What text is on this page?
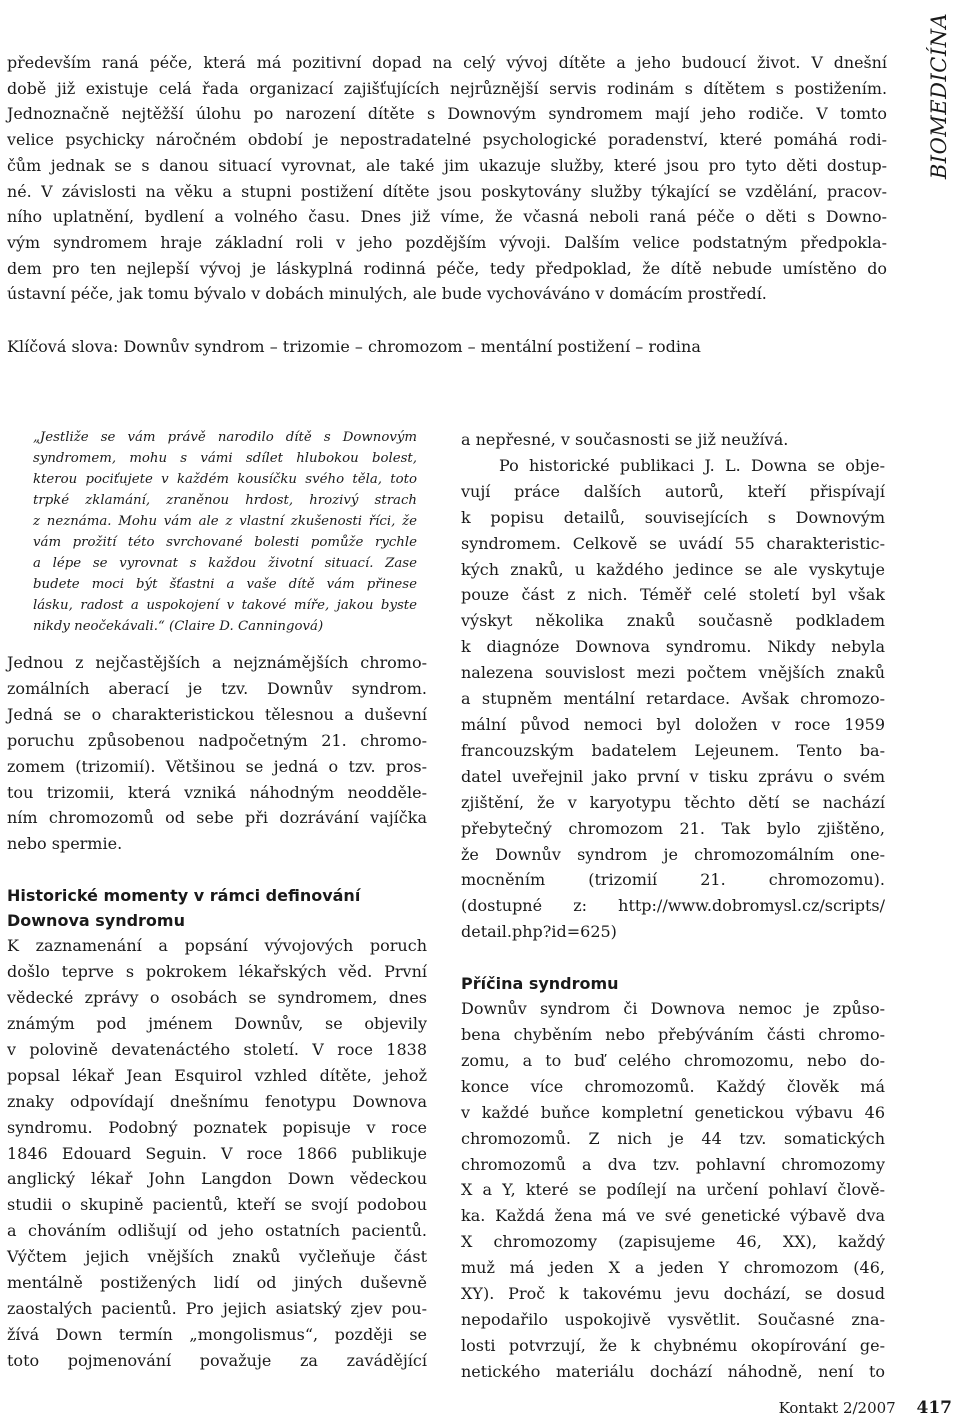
BIOMEDICÍNA

především raná péče, která má pozitivní dopad na celý vývoj dítěte a jeho budoucí život. V dnešní
době již existuje celá řada organizací zajišťujících nejrůznější servis rodinám s dítětem s postižením.
Jednoznačně nejtěžší úlohu po narození dítěte s Downovým syndromem mají jeho rodiče. V tomto
velice psychicky náročném období je nepostradatelné psychologické poradenství, které pomáhá rodi-
čům jednak se s danou situací vyrovnat, ale také jim ukazuje služby, které jsou pro tyto děti dostup-
né. V závislosti na věku a stupni postižení dítěte jsou poskytovány služby týkající se vzdělání, pracov-
ního uplatnění, bydlení a volného času. Dnes již víme, že včasná neboli raná péče o děti s Downo-
vým syndromem hraje základní roli v jeho pozdějším vývoji. Dalším velice podstatným předpokla-
dem pro ten nejlepší vývoj je láskyplná rodinná péče, tedy předpoklad, že dítě nebude umístěno do
ústavní péče, jak tomu bývalo v dobách minulých, ale bude vychováváno v domácím prostředí.

Klíčová slova: Downův syndrom – trizomie – chromozom – mentální postižení – rodina

„Jestliže se vám právě narodilo dítě s Downovým
syndromem, mohu s vámi sdílet hlubokou bolest,
kterou pociťujete v každém kousíčku svého těla, toto
trpké zklamání, zraněnou hrdost, hrozivý strach
z neznáma. Mohu vám ale z vlastní zkušenosti říci, že
vám prožití této svrchované bolesti pomůže rychle
a lépe se vyrovnat s každou životní situací. Zase
budete moci být šťastni a vaše dítě vám přinese
lásku, radost a uspokojení v takové míře, jakou byste
nikdy neočekávali.“ (Claire D. Canningová)
Jednou z nejčastějších a nejznámějších chromo-
zomálních aberací je tzv. Downův syndrom.
Jedná se o charakteristickou tělesnou a duševní
poruchu způsobenou nadpočetným 21. chromo-
zomem (trizomií). Většinou se jedná o tzv. pros-
tou trizomii, která vzniká náhodným neodděle-
ním chromozomů od sebe při dozrávání vajíčka
nebo spermie.
Historické momenty v rámci definování
Downova syndromu
K zaznamenání a popsání vývojových poruch
došlo teprve s pokrokem lékařských věd. První
vědecké zprávy o osobách se syndromem, dnes
známým pod jménem Downův, se objevily
v polovině devatenáctého století. V roce 1838
popsal lékař Jean Esquirol vzhled dítěte, jehož
znaky odpovídají dnešnímu fenotypu Downova
syndromu. Podobný poznatek popisuje v roce
1846 Edouard Seguin. V roce 1866 publikuje
anglický lékař John Langdon Down vědeckou
studii o skupině pacientů, kteří se svojí podobou
a chováním odlišují od jeho ostatních pacientů.
Výčtem jejich vnějších znaků vyčleňuje část
mentálně postižených lidí od jiných duševně
zaostalých pacientů. Pro jejich asiatský zjev pou-
žívá Down termín „mongolismus“, později se
toto pojmenování považuje za zavádějící
a nepřesné, v současnosti se již neužívá.
Po historické publikaci J. L. Downa se obje-
vují práce dalších autorů, kteří přispívají
k popisu detailů, souvisejících s Downovým
syndromem. Celkově se uvádí 55 charakteristic-
kých znaků, u každého jedince se ale vyskytuje
pouze část z nich. Téměř celé století byl však
výskyt několika znaků současně podkladem
k diagnóze Downova syndromu. Nikdy nebyla
nalezena souvislost mezi počtem vnějších znaků
a stupněm mentální retardace. Avšak chromozo-
mální původ nemoci byl doložen v roce 1959
francouzským badatelem Lejeunem. Tento ba-
datel uveřejnil jako první v tisku zprávu o svém
zjištění, že v karyotypu těchto dětí se nachází
přebytečný chromozom 21. Tak bylo zjištěno,
že Downův syndrom je chromozomálním one-
mocněním (trizomií 21. chromozomu).
(dostupné z: http://www.dobromysl.cz/scripts/
detail.php?id=625)
Příčina syndromu
Downův syndrom či Downova nemoc je způso-
bena chyběním nebo přebýváním části chromo-
zomu, a to buď celého chromozomu, nebo do-
konce více chromozomů. Každý člověk má
v každé buňce kompletní genetickou výbavu 46
chromozomů. Z nich je 44 tzv. somatických
chromozomů a dva tzv. pohlavní chromozomy
X a Y, které se podílejí na určení pohlaví člově-
ka. Každá žena má ve své genetické výbavě dva
X chromozomy (zapisujeme 46, XX), každý
muž má jeden X a jeden Y chromozom (46,
XY). Proč k takovému jevu dochází, se dosud
nepodařilo uspokojivě vysvětlit. Současné zna-
losti potvrzují, že k chybnému okopírování ge-
netického materiálu dochází náhodně, není to
Kontakt 2/2007 417
